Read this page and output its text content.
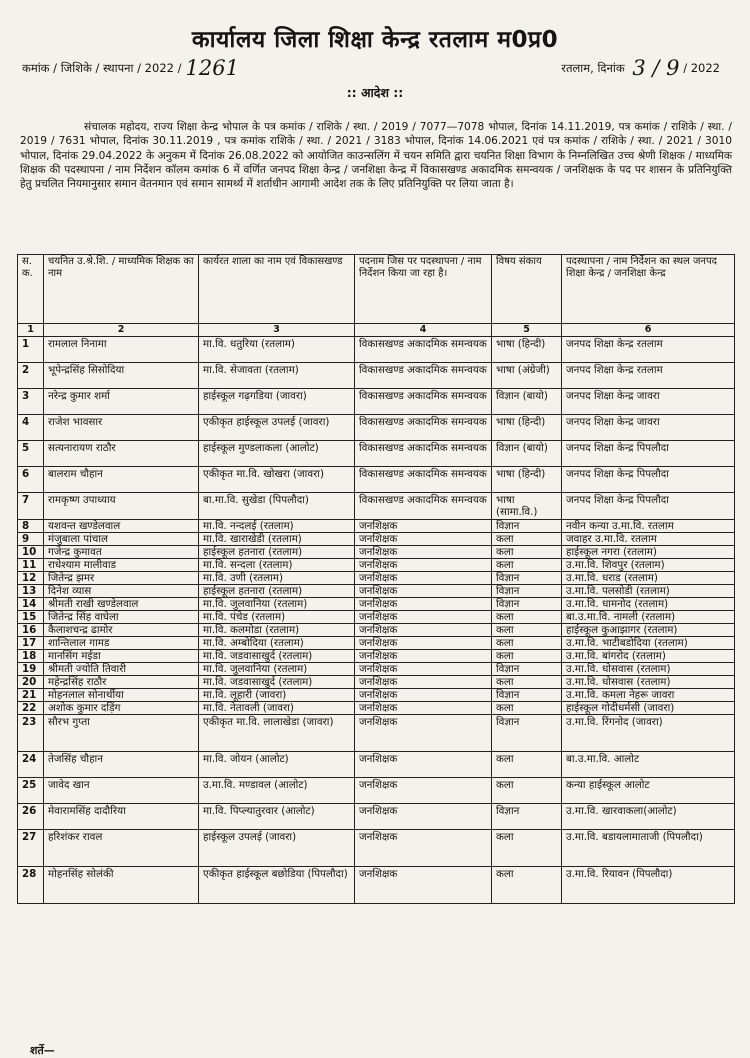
कार्यालय जिला शिक्षा केन्द्र रतलाम म0प्र0
कमांक / जिशिके / स्थापना / 2022 / 1261	रतलाम, दिनांक 3 / 9 / 2022
:: आदेश ::
संचालक महोदय, राज्य शिक्षा केन्द्र भोपाल के पत्र कमांक / राशिके / स्था. / 2019 / 7077—7078 भोपाल, दिनांक 14.11.2019, पत्र कमांक / राशिके / स्था. / 2019 / 7631 भोपाल, दिनांक 30.11.2019 , पत्र कमांक राशिके / स्था. / 2021 / 3183 भोपाल, दिनांक 14.06.2021 एवं पत्र कमांक / राशिके / स्था. / 2021 / 3010 भोपाल, दिनांक 29.04.2022 के अनुकम में दिनांक 26.08.2022 को आयोजित काउन्सलिंग में चयन समिति द्वारा चयनित शिक्षा विभाग के निम्नलिखित उच्च श्रेणी शिक्षक / माध्यमिक शिक्षक की पदस्थापना / नाम निर्देशन कॉलम कमांक 6 में वर्णित जनपद शिक्षा केन्द्र / जनशिक्षा केन्द्र में विकासखण्ड अकादमिक समन्वयक / जनशिक्षक के पद पर शासन के प्रतिनियुक्ति हेतु प्रचलित नियमानुसार समान वेतनमान एवं समान सामर्थ्य में शर्ताधीन आगामी आदेश तक के लिए प्रतिनियुक्ति पर लिया जाता है।
स. क.	चयनित उ.श्रे.शि. / माध्यमिक शिक्षक का नाम	कार्यरत शाला का नाम एवं विकासखण्ड	पदनाम जिस पर पदस्थापना / नाम निर्देशन किया जा रहा है।	विषय संकाय	पदस्थापना / नाम निर्देशन का स्थल जनपद शिक्षा केन्द्र / जनशिक्षा केन्द्र
1	2	3	4	5	6
1	रामलाल निनामा	मा.वि. धतुरिया (रतलाम)	विकासखण्ड अकादमिक समन्वयक	भाषा (हिन्दी)	जनपद शिक्षा केन्द्र रतलाम
2	भूपेन्द्रसिंह सिसोदिया	मा.वि. सेजावता (रतलाम)	विकासखण्ड अकादमिक समन्वयक	भाषा (अंग्रेजी)	जनपद शिक्षा केन्द्र रतलाम
3	नरेन्द्र कुमार शर्मा	हाईस्कूल गढ़गडिया (जावरा)	विकासखण्ड अकादमिक समन्वयक	विज्ञान (बायो)	जनपद शिक्षा केन्द्र जावरा
4	राजेश भावसार	एकीकृत हाईस्कूल उपलई (जावरा)	विकासखण्ड अकादमिक समन्वयक	भाषा (हिन्दी)	जनपद शिक्षा केन्द्र जावरा
5	सत्यनारायण राठौर	हाईस्कूल मुण्डलाकला (आलोट)	विकासखण्ड अकादमिक समन्वयक	विज्ञान (बायो)	जनपद शिक्षा केन्द्र पिपलौदा
6	बालराम चौहान	एकीकृत मा.वि. खोखरा (जावरा)	विकासखण्ड अकादमिक समन्वयक	भाषा (हिन्दी)	जनपद शिक्षा केन्द्र पिपलौदा
7	रामकृष्ण उपाध्याय	बा.मा.वि. सुखेडा (पिपलौदा)	विकासखण्ड अकादमिक समन्वयक	भाषा (सामा.वि.)	जनपद शिक्षा केन्द्र पिपलौदा
8	यशवन्त खण्डेलवाल	मा.वि. नन्दलई (रतलाम)	जनशिक्षक	विज्ञान	नवीन कन्या उ.मा.वि. रतलाम
9	मंजुबाला पांचाल	मा.वि. खाराखेडी (रतलाम)	जनशिक्षक	कला	जवाहर उ.मा.वि. रतलाम
10	गजेन्द्र कुमावत	हाईस्कूल हतनारा (रतलाम)	जनशिक्षक	कला	हाईस्कूल नगरा (रतलाम)
11	राधेश्याम मालीवाड	मा.वि. सन्दला (रतलाम)	जनशिक्षक	कला	उ.मा.वि. शिवपुर (रतलाम)
12	जितेन्द्र झमर	मा.वि. उणी (रतलाम)	जनशिक्षक	विज्ञान	उ.मा.वि. धराड (रतलाम)
13	दिनेश व्यास	हाईस्कूल हतनारा (रतलाम)	जनशिक्षक	विज्ञान	उ.मा.वि. पलसोडी (रतलाम)
14	श्रीमती राखी खण्डेलवाल	मा.वि. जुलवानिया (रतलाम)	जनशिक्षक	विज्ञान	उ.मा.वि. धामनोद (रतलाम)
15	जितेन्द्र सिंह वाघेला	मा.वि. पंचेड (रतलाम)	जनशिक्षक	कला	बा.उ.मा.वि. नामली (रतलाम)
16	कैलाशचन्द्र ढामोर	मा.वि. कलमोडा (रतलाम)	जनशिक्षक	कला	हाईस्कूल कुआझागर (रतलाम)
17	शान्तिलाल गामड	मा.वि. अम्बोदिया (रतलाम)	जनशिक्षक	कला	उ.मा.वि. भाटीबडोदिया (रतलाम)
18	मानसिंग मईडा	मा.वि. जडवासाखुर्द (रतलाम)	जनशिक्षक	कला	उ.मा.वि. बांगरोद (रतलाम)
19	श्रीमती ज्योति तिवारी	मा.वि. जुलवानिया (रतलाम)	जनशिक्षक	विज्ञान	उ.मा.वि. धोसवास (रतलाम)
20	महेन्द्रसिंह राठौर	मा.वि. जडवासाखुर्द (रतलाम)	जनशिक्षक	कला	उ.मा.वि. धोसवास (रतलाम)
21	मोहनलाल सोनार्थीया	मा.वि. लूहारी (जावरा)	जनशिक्षक	विज्ञान	उ.मा.वि. कमला नेहरू जावरा
22	अशोक कुमार दड़िंग	मा.वि. नेतावली (जावरा)	जनशिक्षक	कला	हाईस्कूल गोदीधर्मसी (जावरा)
23	सौरभ गुप्ता	एकीकृत मा.वि. लालाखेडा (जावरा)	जनशिक्षक	विज्ञान	उ.मा.वि. रिंगनोद (जावरा)
24	तेजसिंह चौहान	मा.वि. जोयन (आलोट)	जनशिक्षक	कला	बा.उ.मा.वि. आलोट
25	जावेद खान	उ.मा.वि. मण्डावल (आलोट)	जनशिक्षक	कला	कन्या हाईस्कूल आलोट
26	मेवारामसिंह दादौरिया	मा.वि. पिप्ल्यातुरवार (आलोट)	जनशिक्षक	विज्ञान	उ.मा.वि. खारवाकला(आलोट)
27	हरिशंकर रावल	हाईस्कूल उपलई (जावरा)	जनशिक्षक	कला	उ.मा.वि. बडायलामाताजी (पिपलौदा)
28	मोहनसिंह सोलंकी	एकीकृत हाईस्कूल बछोडिया (पिपलौदा)	जनशिक्षक	कला	उ.मा.वि. रियावन (पिपलौदा)
शर्ते—
